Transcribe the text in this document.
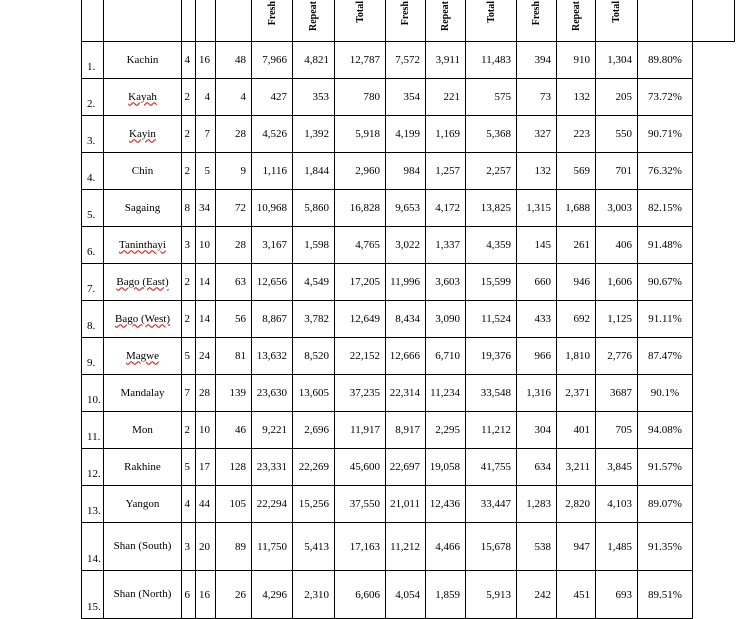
					Fresh	Repeat	Total	Fresh	Repeat	Total	Fresh	Repeat	Total		
1.	Kachin	4	16	48	7,966	4,821	12,787	7,572	3,911	11,483	394	910	1,304	89.80%	
2.	Kayah	2	4	4	427	353	780	354	221	575	73	132	205	73.72%	
3.	Kayin	2	7	28	4,526	1,392	5,918	4,199	1,169	5,368	327	223	550	90.71%	
4.	Chin	2	5	9	1,116	1,844	2,960	984	1,257	2,257	132	569	701	76.32%	
5.	Sagaing	8	34	72	10,968	5,860	16,828	9,653	4,172	13,825	1,315	1,688	3,003	82.15%	
6.	Taninthayi	3	10	28	3,167	1,598	4,765	3,022	1,337	4,359	145	261	406	91.48%	
7.	Bago (East)	2	14	63	12,656	4,549	17,205	11,996	3,603	15,599	660	946	1,606	90.67%	
8.	Bago (West)	2	14	56	8,867	3,782	12,649	8,434	3,090	11,524	433	692	1,125	91.11%	
9.	Magwe	5	24	81	13,632	8,520	22,152	12,666	6,710	19,376	966	1,810	2,776	87.47%	
10.	Mandalay	7	28	139	23,630	13,605	37,235	22,314	11,234	33,548	1,316	2,371	3687	90.1%	
11.	Mon	2	10	46	9,221	2,696	11,917	8,917	2,295	11,212	304	401	705	94.08%	
12.	Rakhine	5	17	128	23,331	22,269	45,600	22,697	19,058	41,755	634	3,211	3,845	91.57%	
13.	Yangon	4	44	105	22,294	15,256	37,550	21,011	12,436	33,447	1,283	2,820	4,103	89.07%	
14.	Shan (South)	3	20	89	11,750	5,413	17,163	11,212	4,466	15,678	538	947	1,485	91.35%	
15.	Shan (North)	6	16	26	4,296	2,310	6,606	4,054	1,859	5,913	242	451	693	89.51%	
